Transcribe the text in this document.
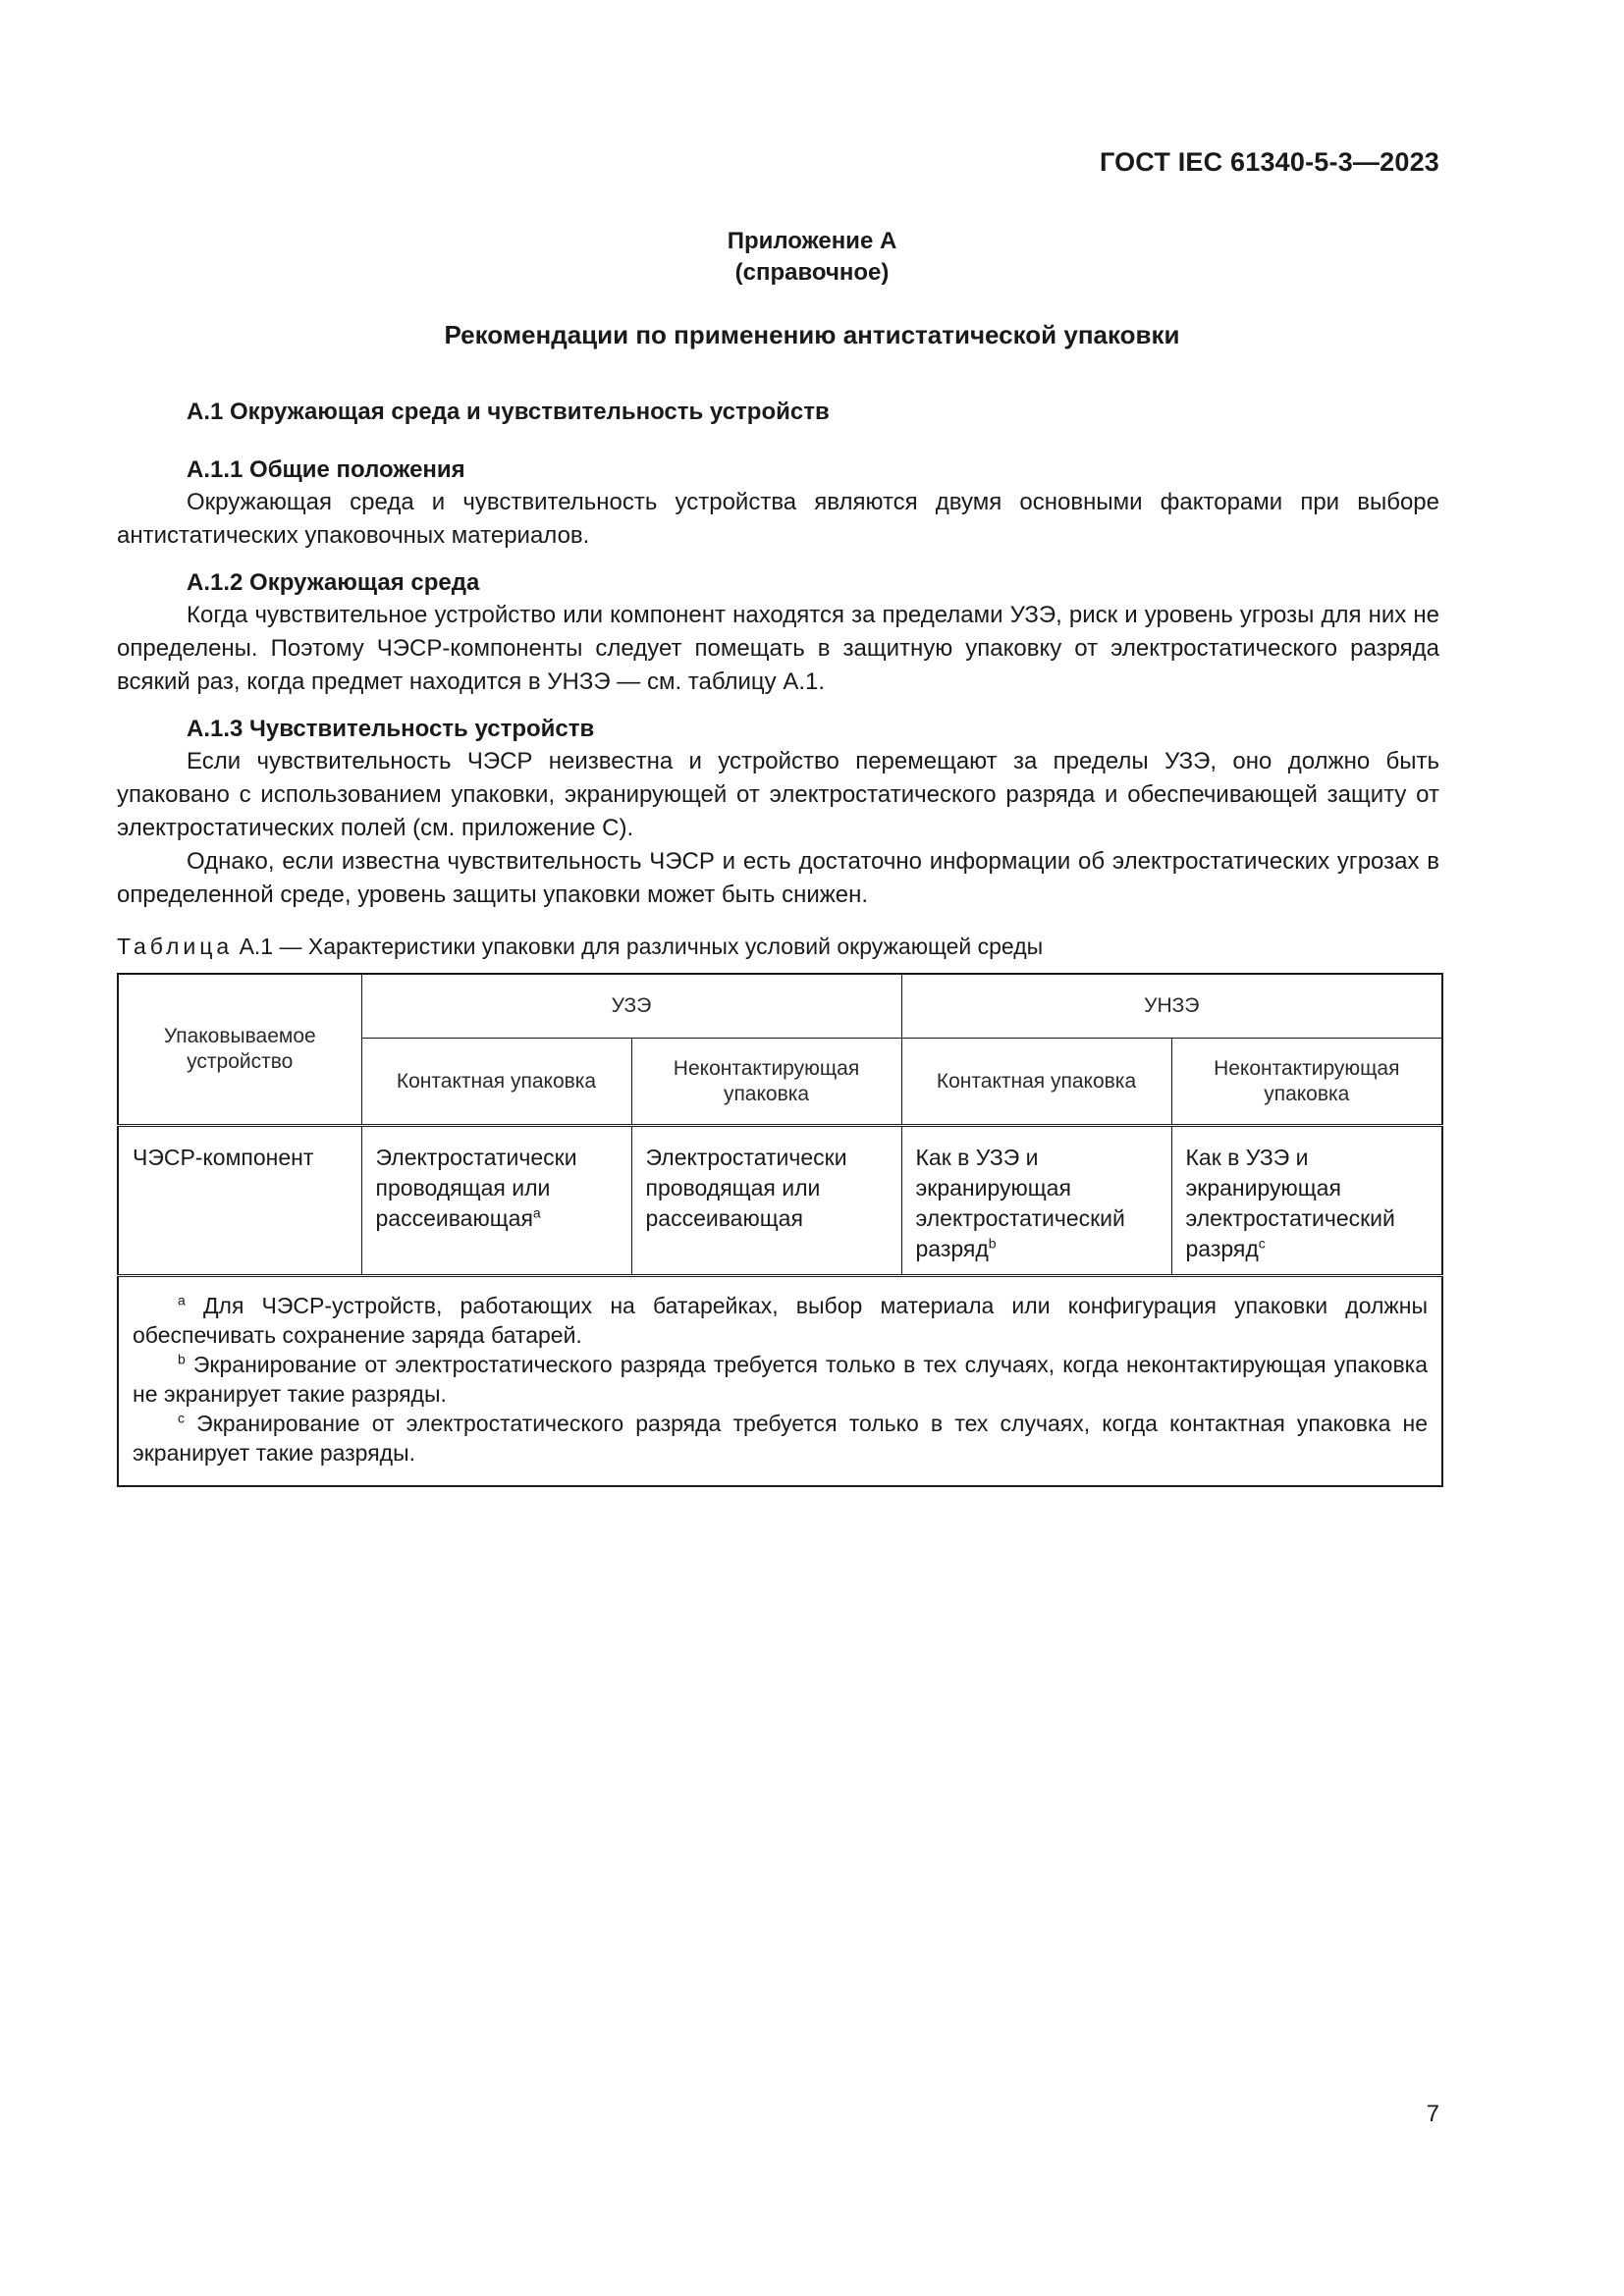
ГОСТ IEC 61340-5-3—2023
Приложение А
(справочное)
Рекомендации по применению антистатической упаковки
А.1 Окружающая среда и чувствительность устройств
А.1.1 Общие положения

Окружающая среда и чувствительность устройства являются двумя основными факторами при выборе антистатических упаковочных материалов.

А.1.2 Окружающая среда

Когда чувствительное устройство или компонент находятся за пределами УЗЭ, риск и уровень угрозы для них не определены. Поэтому ЧЭСР-компоненты следует помещать в защитную упаковку от электростатического разряда всякий раз, когда предмет находится в УНЗЭ — см. таблицу А.1.

А.1.3 Чувствительность устройств

Если чувствительность ЧЭСР неизвестна и устройство перемещают за пределы УЗЭ, оно должно быть упаковано с использованием упаковки, экранирующей от электростатического разряда и обеспечивающей защиту от электростатических полей (см. приложение С).

Однако, если известна чувствительность ЧЭСР и есть достаточно информации об электростатических угрозах в определенной среде, уровень защиты упаковки может быть снижен.

Таблица А.1 — Характеристики упаковки для различных условий окружающей среды
Упаковываемое устройство	УЗЭ		УНЗЭ	
	Контактная упаковка	Неконтактирующая упаковка	Контактная упаковка	Неконтактирующая упаковка
ЧЭСР-компонент	Электростатически проводящая или рассеивающая$^a$	Электростатически проводящая или рассеивающая	Как в УЗЭ и экранирующая электростатический разряд$^b$	Как в УЗЭ и экранирующая электростатический разряд$^c$

$^a$ Для ЧЭСР-устройств, работающих на батарейках, выбор материала или конфигурация упаковки должны обеспечивать сохранение заряда батарей.

$^b$ Экранирование от электростатического разряда требуется только в тех случаях, когда неконтактирующая упаковка не экранирует такие разряды.

$^c$ Экранирование от электростатического разряда требуется только в тех случаях, когда контактная упаковка не экранирует такие разряды.				

7
